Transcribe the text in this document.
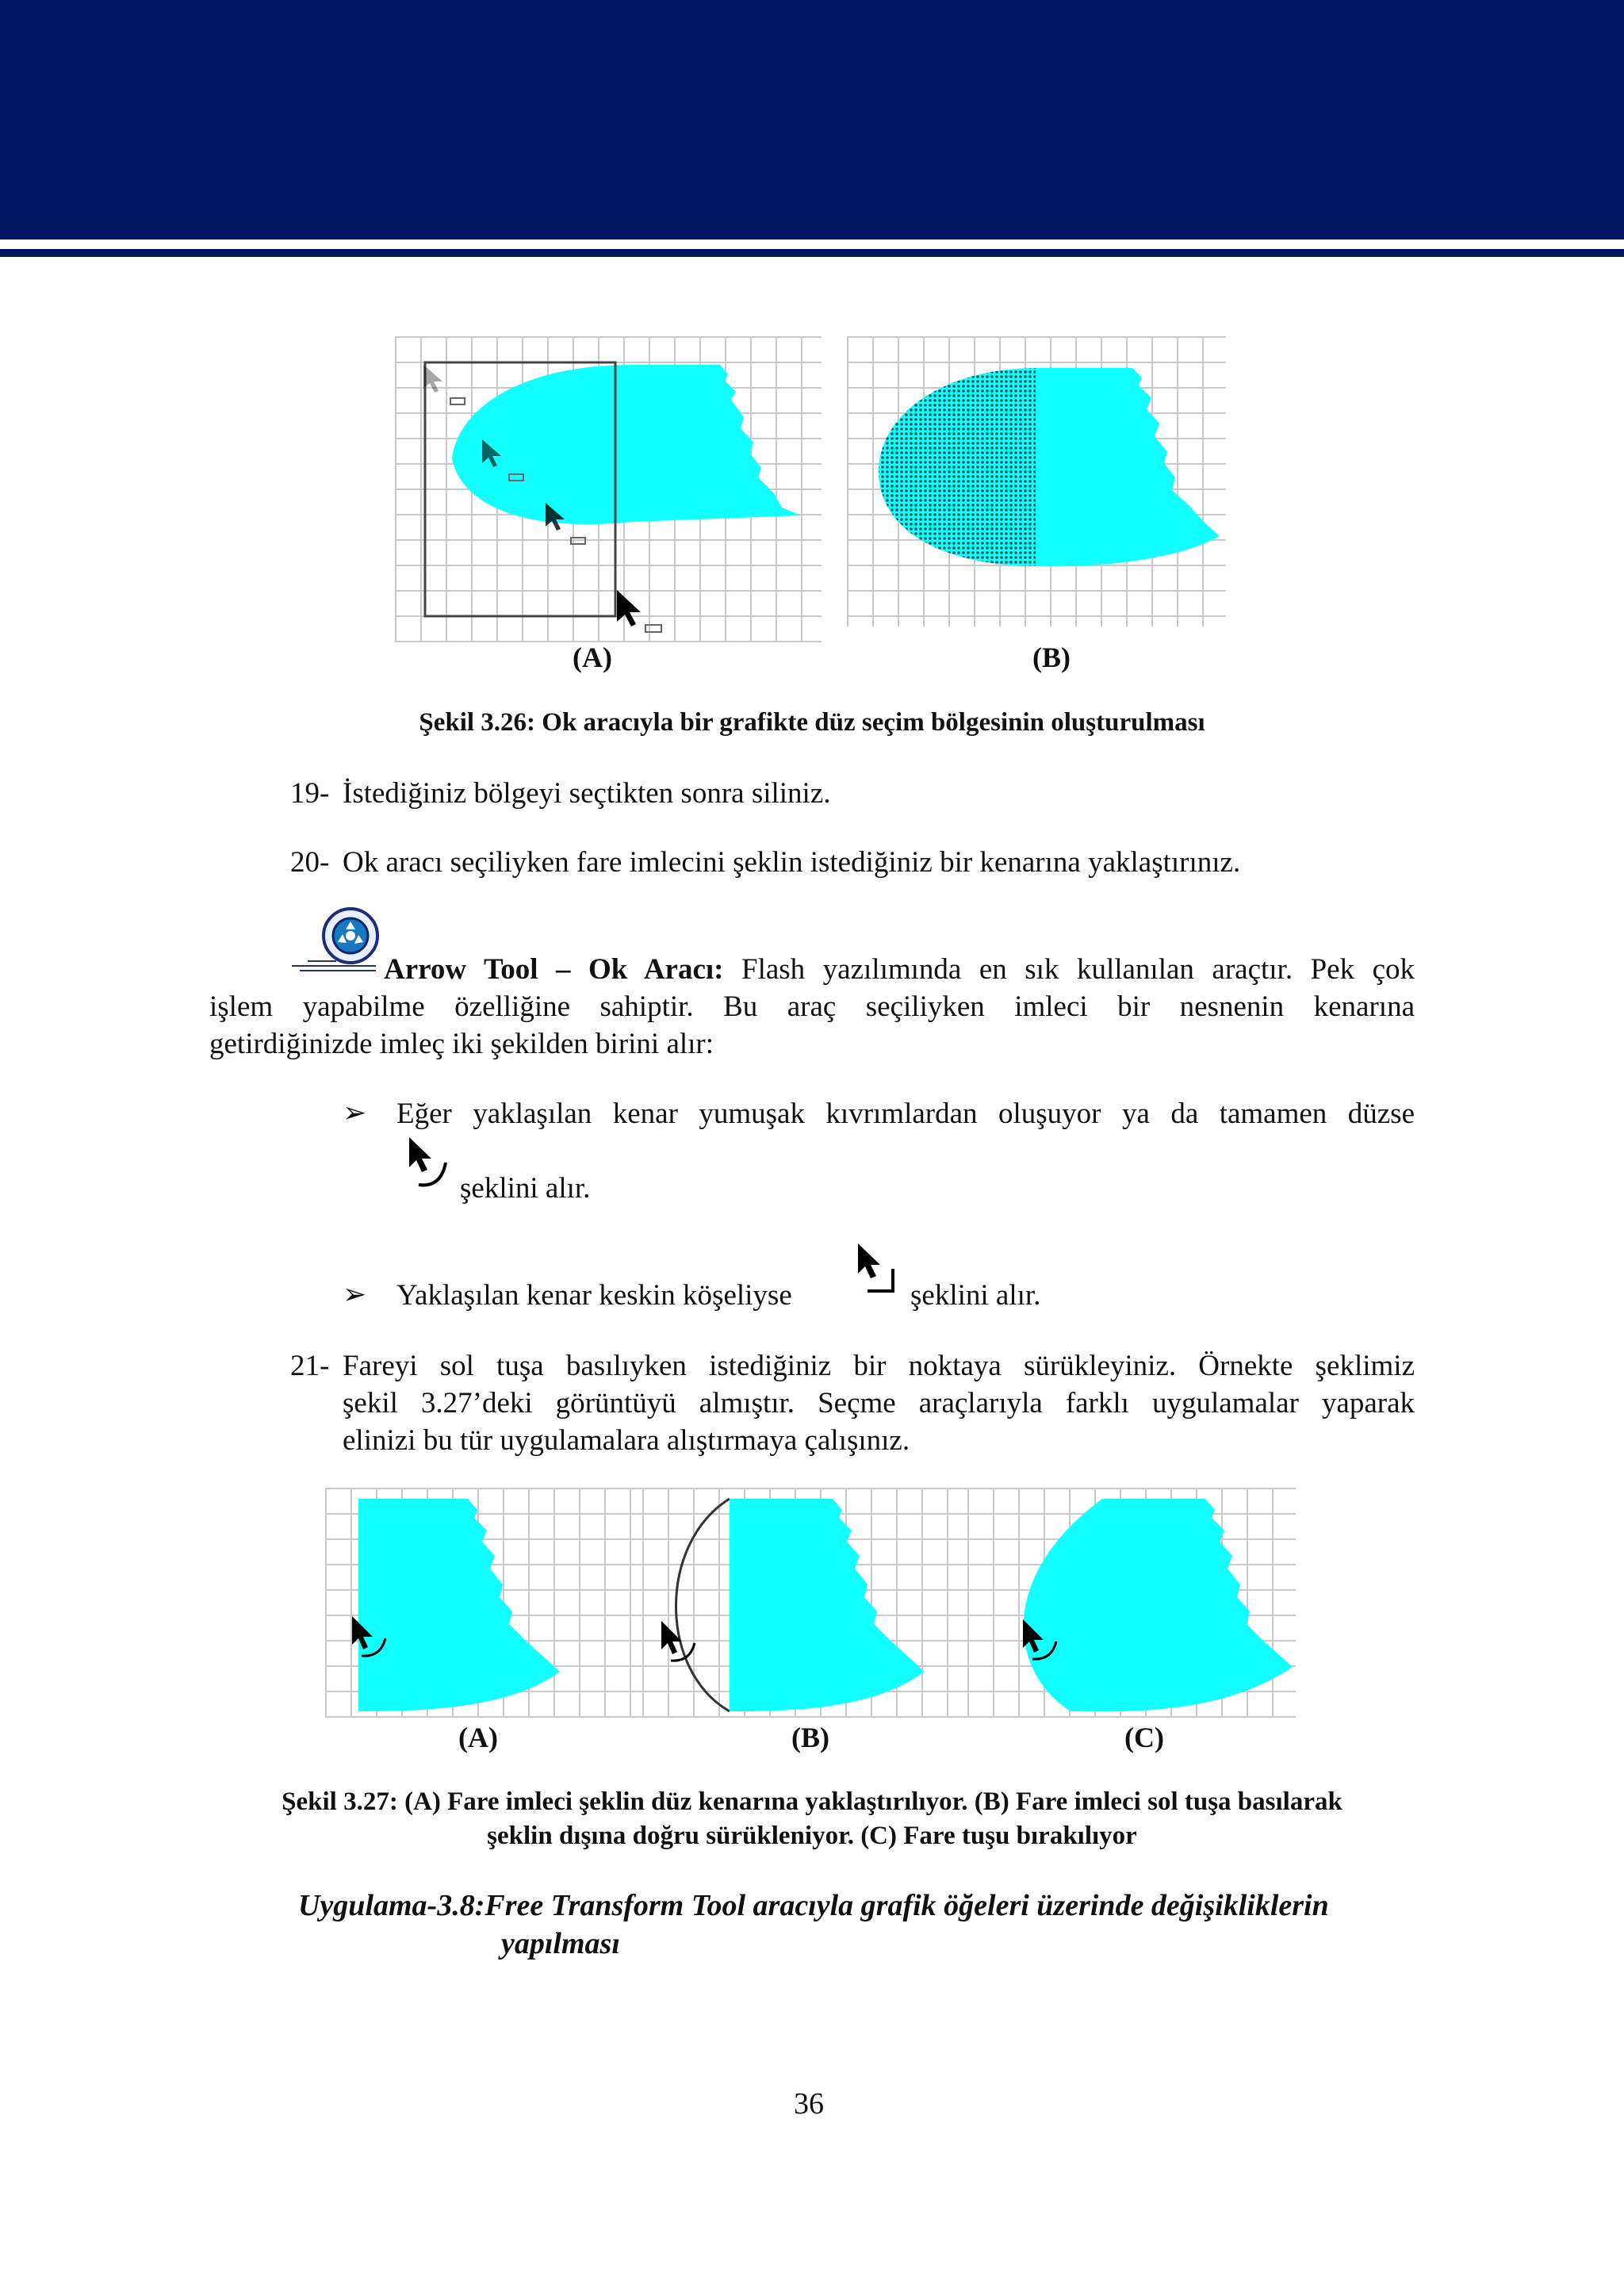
(A)	(B)
Şekil 3.26: Ok aracıyla bir grafikte düz seçim bölgesinin oluşturulması
19- İstediğiniz bölgeyi seçtikten sonra siliniz.
20- Ok aracı seçiliyken fare imlecini şeklin istediğiniz bir kenarına yaklaştırınız.
Arrow Tool – Ok Aracı: Flash yazılımında en sık kullanılan araçtır. Pek çok
işlem yapabilme özelliğine sahiptir. Bu araç seçiliyken imleci bir nesnenin kenarına
getirdiğinizde imleç iki şekilden birini alır:
➢ Eğer yaklaşılan kenar yumuşak kıvrımlardan oluşuyor ya da tamamen düzse
şeklini alır.
➢ Yaklaşılan kenar keskin köşeliyse	şeklini alır.
21- Fareyi sol tuşa basılıyken istediğiniz bir noktaya sürükleyiniz. Örnekte şeklimiz
şekil 3.27’deki görüntüyü almıştır. Seçme araçlarıyla farklı uygulamalar yaparak
elinizi bu tür uygulamalara alıştırmaya çalışınız.
(A)	(B)	(C)
Şekil 3.27: (A) Fare imleci şeklin düz kenarına yaklaştırılıyor. (B) Fare imleci sol tuşa basılarak
şeklin dışına doğru sürükleniyor. (C) Fare tuşu bırakılıyor
Uygulama-3.8:Free Transform Tool aracıyla grafik öğeleri üzerinde değişikliklerin
yapılması
36
